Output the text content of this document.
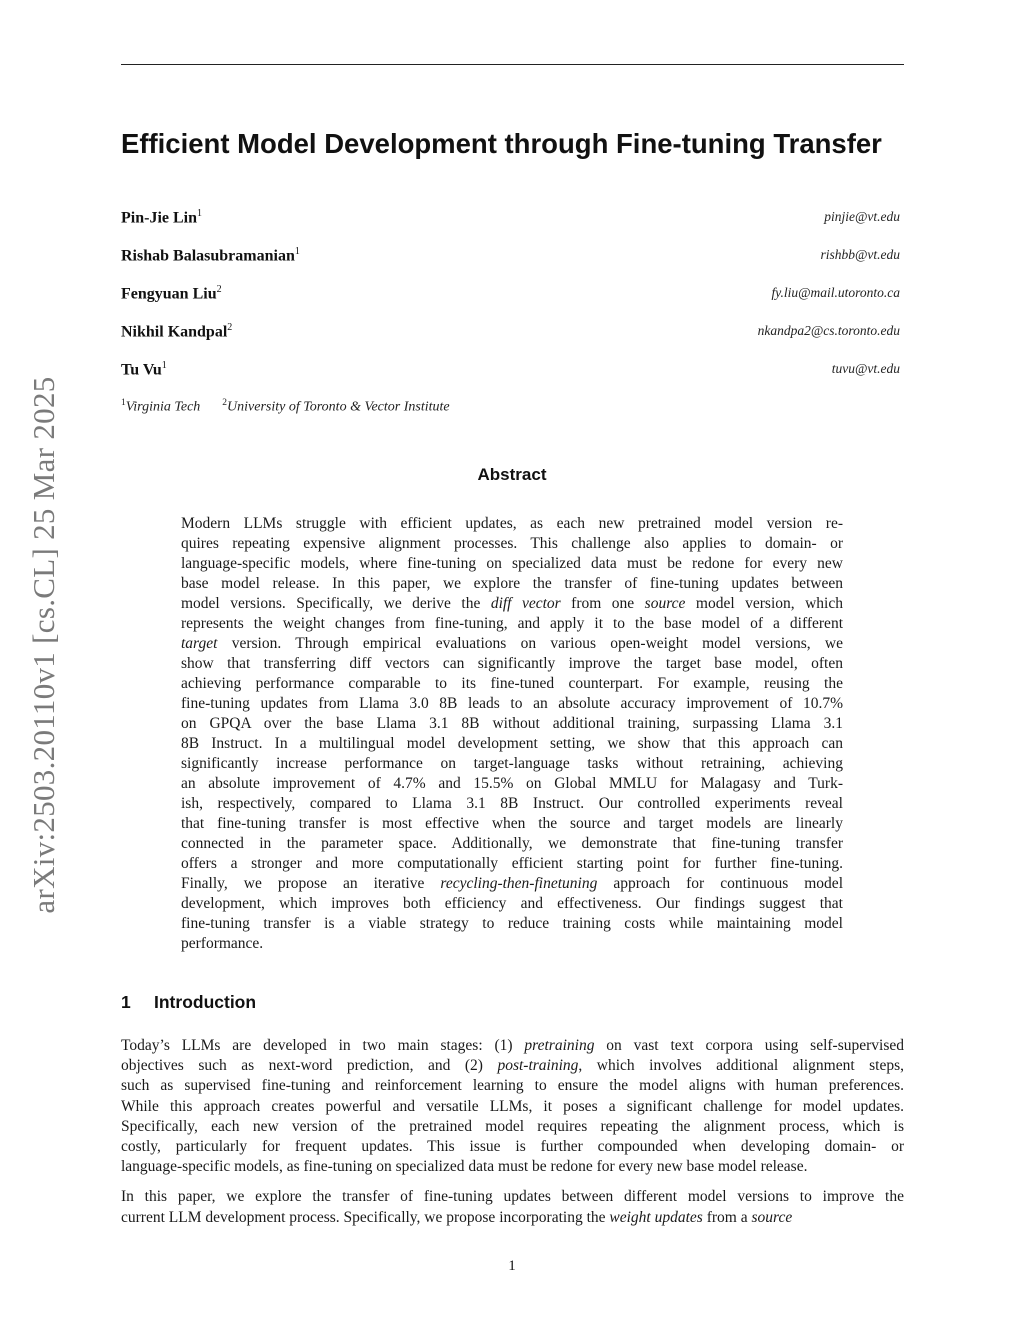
arXiv:2503.20110v1 [cs.CL] 25 Mar 2025
Efficient Model Development through Fine-tuning Transfer
Pin-Jie Lin$^1$	pinjie@vt.edu
Rishab Balasubramanian$^1$	rishbb@vt.edu
Fengyuan Liu$^2$	fy.liu@mail.utoronto.ca
Nikhil Kandpal$^2$	nkandpa2@cs.toronto.edu
Tu Vu$^1$	tuvu@vt.edu
$^1$Virginia Tech $^2$University of Toronto & Vector Institute
Abstract
Modern LLMs struggle with efficient updates, as each new pretrained model version re-
quires repeating expensive alignment processes. This challenge also applies to domain- or
language-specific models, where fine-tuning on specialized data must be redone for every new
base model release. In this paper, we explore the transfer of fine-tuning updates between
model versions. Specifically, we derive the diff vector from one source model version, which
represents the weight changes from fine-tuning, and apply it to the base model of a different
target version. Through empirical evaluations on various open-weight model versions, we
show that transferring diff vectors can significantly improve the target base model, often
achieving performance comparable to its fine-tuned counterpart. For example, reusing the
fine-tuning updates from Llama 3.0 8B leads to an absolute accuracy improvement of 10.7%
on GPQA over the base Llama 3.1 8B without additional training, surpassing Llama 3.1
8B Instruct. In a multilingual model development setting, we show that this approach can
significantly increase performance on target-language tasks without retraining, achieving
an absolute improvement of 4.7% and 15.5% on Global MMLU for Malagasy and Turk-
ish, respectively, compared to Llama 3.1 8B Instruct. Our controlled experiments reveal
that fine-tuning transfer is most effective when the source and target models are linearly
connected in the parameter space. Additionally, we demonstrate that fine-tuning transfer
offers a stronger and more computationally efficient starting point for further fine-tuning.
Finally, we propose an iterative recycling-then-finetuning approach for continuous model
development, which improves both efficiency and effectiveness. Our findings suggest that
fine-tuning transfer is a viable strategy to reduce training costs while maintaining model
performance.
1 Introduction
Today’s LLMs are developed in two main stages: (1) pretraining on vast text corpora using self-supervised
objectives such as next-word prediction, and (2) post-training, which involves additional alignment steps,
such as supervised fine-tuning and reinforcement learning to ensure the model aligns with human preferences.
While this approach creates powerful and versatile LLMs, it poses a significant challenge for model updates.
Specifically, each new version of the pretrained model requires repeating the alignment process, which is
costly, particularly for frequent updates. This issue is further compounded when developing domain- or
language-specific models, as fine-tuning on specialized data must be redone for every new base model release.
In this paper, we explore the transfer of fine-tuning updates between different model versions to improve the
current LLM development process. Specifically, we propose incorporating the weight updates from a source
1
